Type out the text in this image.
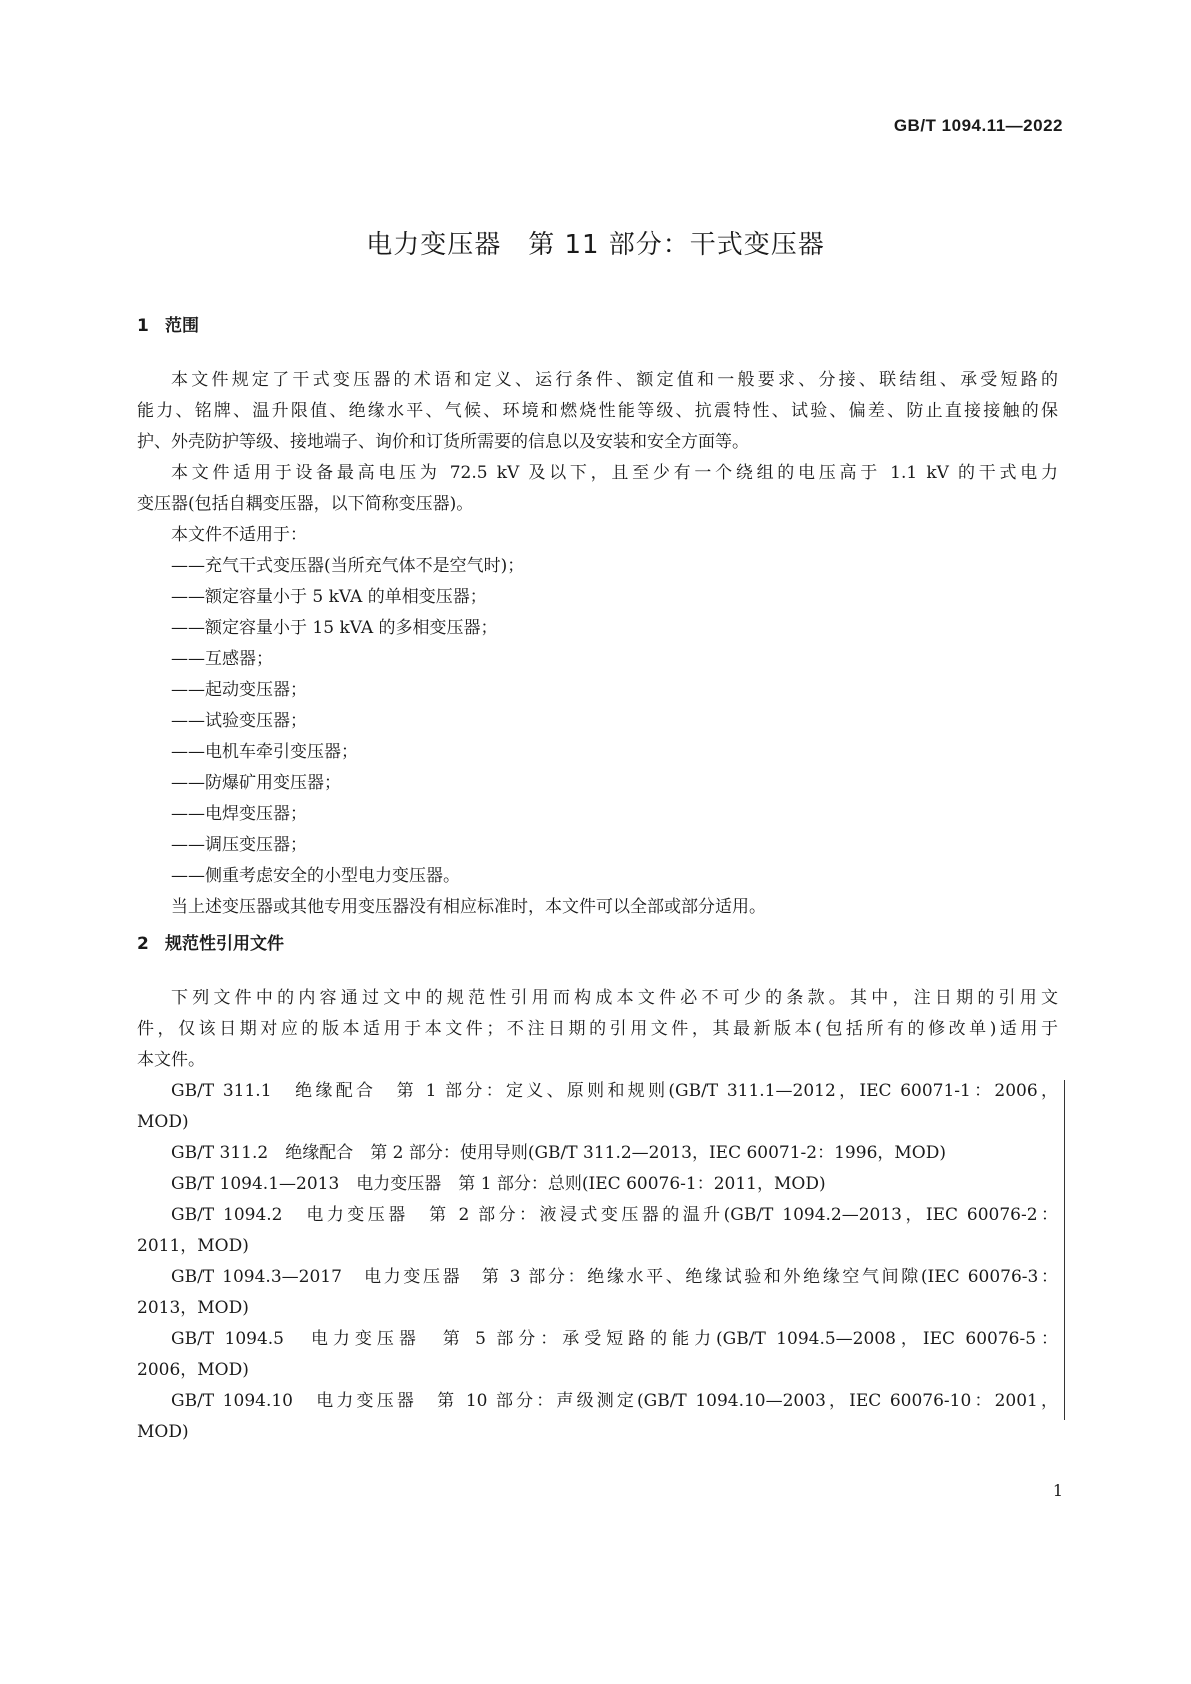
GB/T 1094.11—2022
电力变压器　第 11 部分：干式变压器
1 范围

本文件规定了干式变压器的术语和定义、运行条件、额定值和一般要求、分接、联结组、承受短路的

能力、铭牌、温升限值、绝缘水平、气候、环境和燃烧性能等级、抗震特性、试验、偏差、防止直接接触的保

护、外壳防护等级、接地端子、询价和订货所需要的信息以及安装和安全方面等。

本文件适用于设备最高电压为 72.5 kV 及以下，且至少有一个绕组的电压高于 1.1 kV 的干式电力

变压器(包括自耦变压器，以下简称变压器)。

本文件不适用于：

——充气干式变压器(当所充气体不是空气时)；

——额定容量小于 5 kVA 的单相变压器；

——额定容量小于 15 kVA 的多相变压器；

——互感器；

——起动变压器；

——试验变压器；

——电机车牵引变压器；

——防爆矿用变压器；

——电焊变压器；

——调压变压器；

——侧重考虑安全的小型电力变压器。

当上述变压器或其他专用变压器没有相应标准时，本文件可以全部或部分适用。

2 规范性引用文件

下列文件中的内容通过文中的规范性引用而构成本文件必不可少的条款。其中，注日期的引用文

件，仅该日期对应的版本适用于本文件；不注日期的引用文件，其最新版本(包括所有的修改单)适用于

本文件。

GB/T 311.1　绝缘配合　第 1 部分：定义、原则和规则(GB/T 311.1—2012，IEC 60071-1：2006，

MOD)

GB/T 311.2　绝缘配合　第 2 部分：使用导则(GB/T 311.2—2013，IEC 60071-2：1996，MOD)

GB/T 1094.1—2013　电力变压器　第 1 部分：总则(IEC 60076-1：2011，MOD)

GB/T 1094.2　电力变压器　第 2 部分：液浸式变压器的温升(GB/T 1094.2—2013，IEC 60076-2：

2011，MOD)

GB/T 1094.3—2017　电力变压器　第 3 部分：绝缘水平、绝缘试验和外绝缘空气间隙(IEC 60076-3：

2013，MOD)

GB/T 1094.5　电力变压器　第 5 部分：承受短路的能力(GB/T 1094.5—2008，IEC 60076-5：

2006，MOD)

GB/T 1094.10　电力变压器　第 10 部分：声级测定(GB/T 1094.10—2003，IEC 60076-10：2001，

MOD)

1
